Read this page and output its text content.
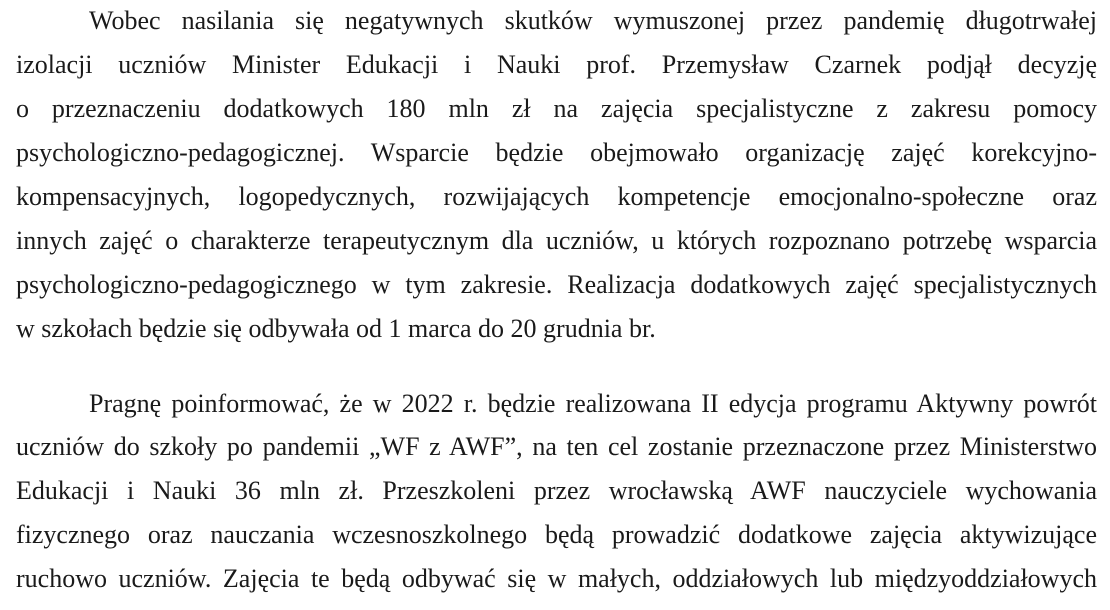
Wobec nasilania się negatywnych skutków wymuszonej przez pandemię długotrwałej
izolacji uczniów Minister Edukacji i Nauki prof. Przemysław Czarnek podjął decyzję
o przeznaczeniu dodatkowych 180 mln zł na zajęcia specjalistyczne z zakresu pomocy
psychologiczno-pedagogicznej. Wsparcie będzie obejmowało organizację zajęć korekcyjno-
kompensacyjnych, logopedycznych, rozwijających kompetencje emocjonalno-społeczne oraz
innych zajęć o charakterze terapeutycznym dla uczniów, u których rozpoznano potrzebę wsparcia
psychologiczno-pedagogicznego w tym zakresie. Realizacja dodatkowych zajęć specjalistycznych
w szkołach będzie się odbywała od 1 marca do 20 grudnia br.
Pragnę poinformować, że w 2022 r. będzie realizowana II edycja programu Aktywny powrót
uczniów do szkoły po pandemii „WF z AWF”, na ten cel zostanie przeznaczone przez Ministerstwo
Edukacji i Nauki 36 mln zł. Przeszkoleni przez wrocławską AWF nauczyciele wychowania
fizycznego oraz nauczania wczesnoszkolnego będą prowadzić dodatkowe zajęcia aktywizujące
ruchowo uczniów. Zajęcia te będą odbywać się w małych, oddziałowych lub międzyoddziałowych
